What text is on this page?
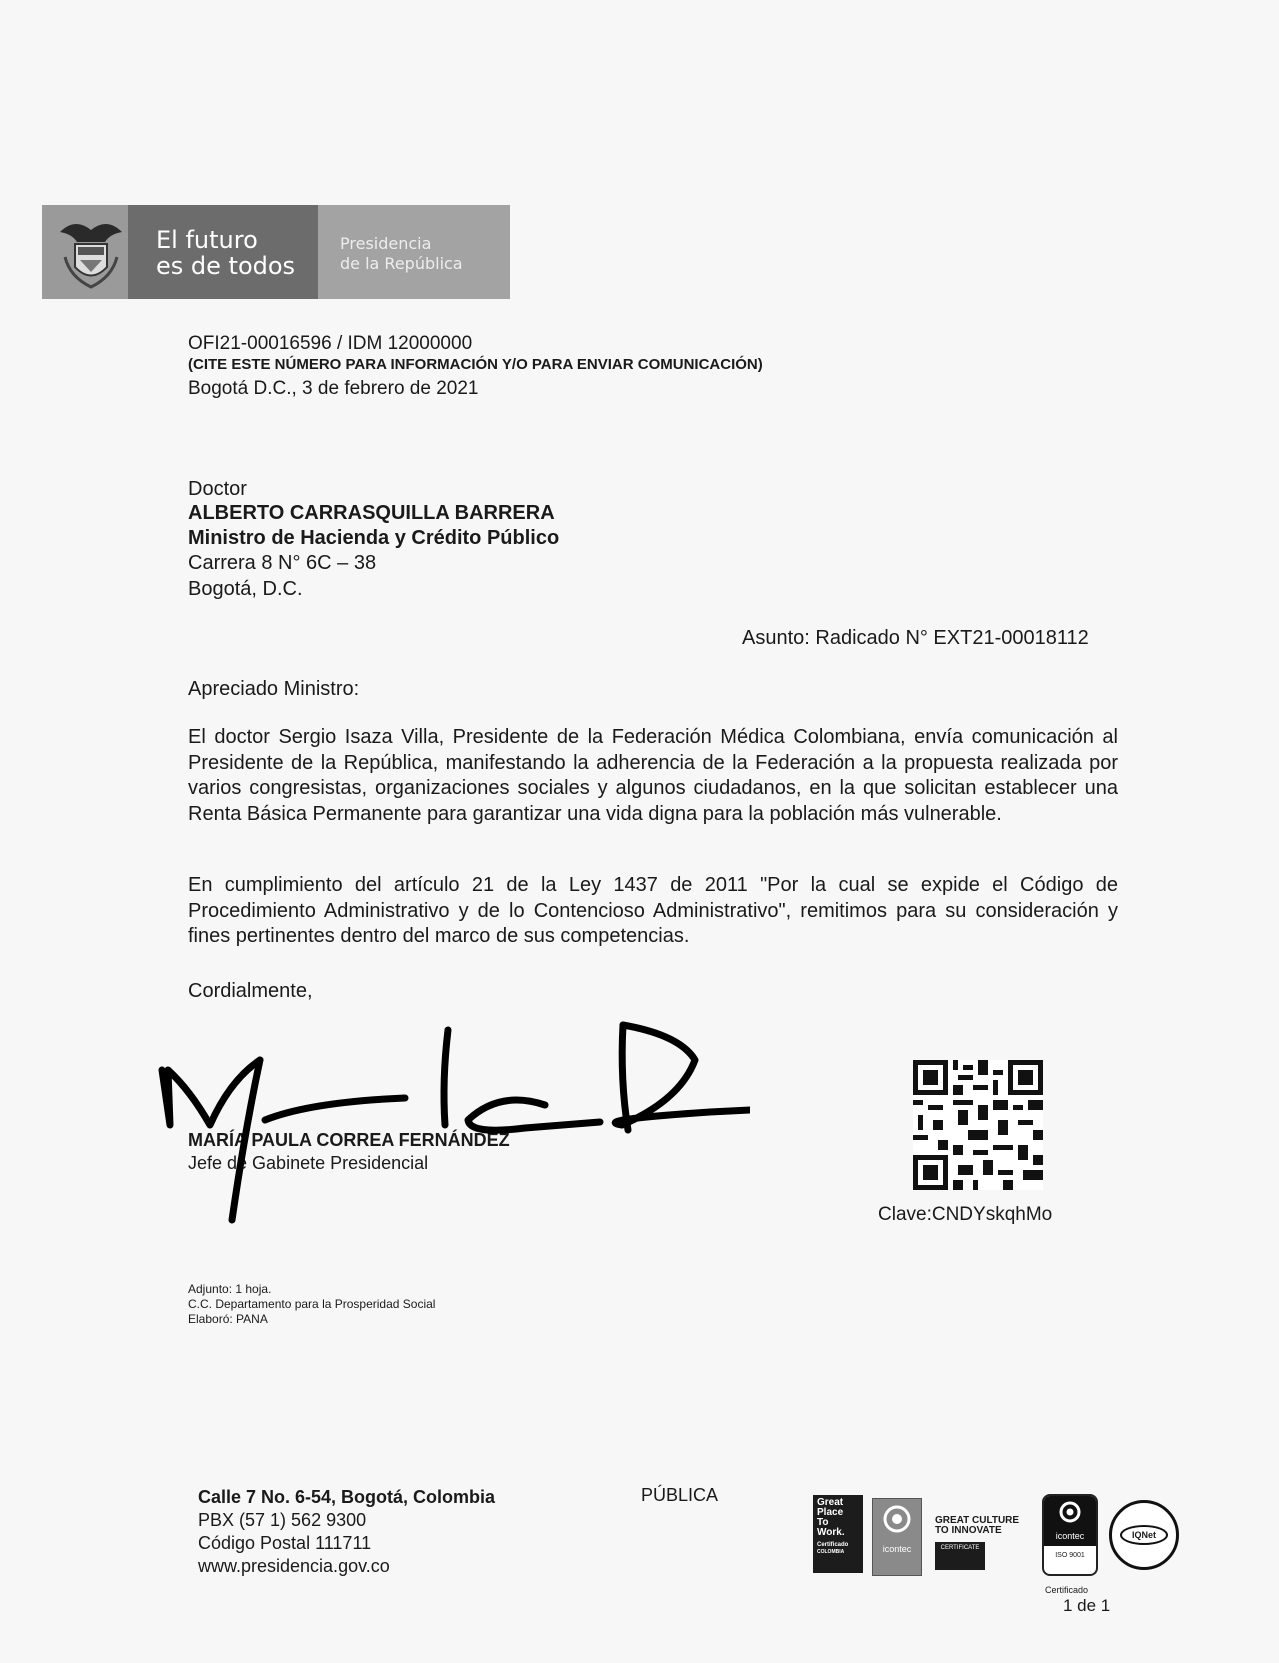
El futuro
es de todos
Presidencia
de la República
OFI21-00016596 / IDM 12000000
(CITE ESTE NÚMERO PARA INFORMACIÓN Y/O PARA ENVIAR COMUNICACIÓN)
Bogotá D.C., 3 de febrero de 2021
Doctor
ALBERTO CARRASQUILLA BARRERA
Ministro de Hacienda y Crédito Público
Carrera 8 N° 6C – 38
Bogotá, D.C.
Asunto: Radicado N° EXT21-00018112
Apreciado Ministro:
El doctor Sergio Isaza Villa, Presidente de la Federación Médica Colombiana, envía comunicación al Presidente de la República, manifestando la adherencia de la Federación a la propuesta realizada por varios congresistas, organizaciones sociales y algunos ciudadanos, en la que solicitan establecer una Renta Básica Permanente para garantizar una vida digna para la población más vulnerable.
En cumplimiento del artículo 21 de la Ley 1437 de 2011 "Por la cual se expide el Código de Procedimiento Administrativo y de lo Contencioso Administrativo", remitimos para su consideración y fines pertinentes dentro del marco de sus competencias.
Cordialmente,
MARÍA PAULA CORREA FERNÁNDEZ
Jefe de Gabinete Presidencial
Clave:CNDYskqhMo
Adjunto: 1 hoja.
C.C. Departamento para la Prosperidad Social
Elaboró: PANA
Calle 7 No. 6-54, Bogotá, Colombia
PBX (57 1) 562 9300
Código Postal 111711
www.presidencia.gov.co
PÚBLICA	Great
Place
To
Work.
Certificado
COLOMBIA	icontec
GREAT CULTURE
TO INNOVATE
CERTIFICATE
icontec
ISO 9001
IQNet
Certificado
1 de 1
